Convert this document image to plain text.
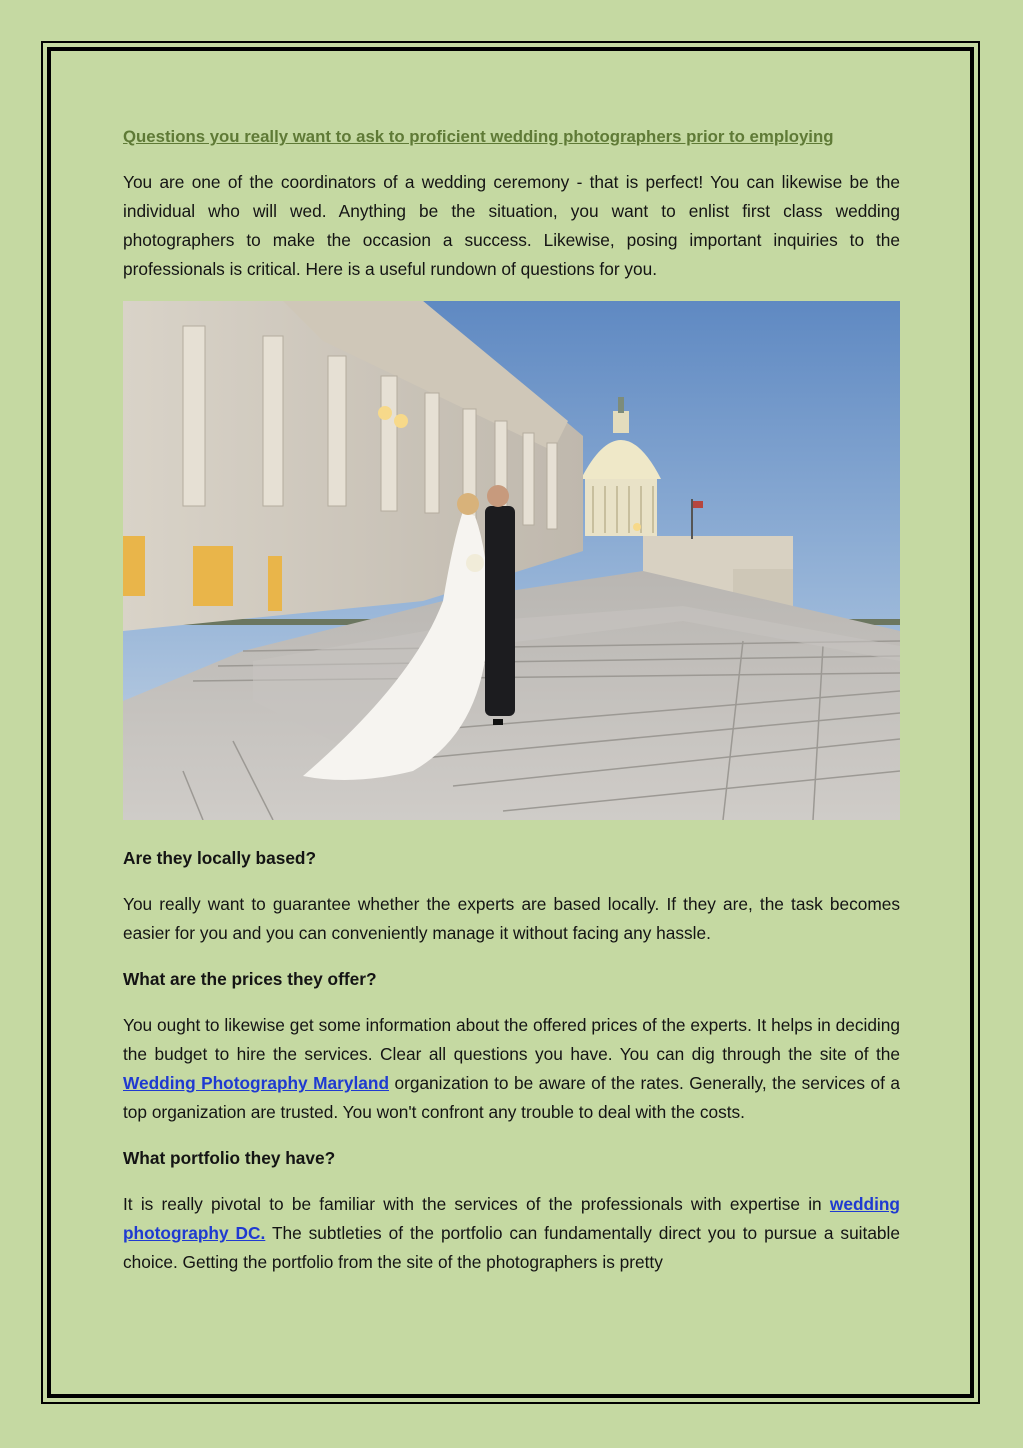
Questions you really want to ask to proficient wedding photographers prior to employing

You are one of the coordinators of a wedding ceremony - that is perfect! You can likewise be the individual who will wed. Anything be the situation, you want to enlist first class wedding photographers to make the occasion a success. Likewise, posing important inquiries to the professionals is critical. Here is a useful rundown of questions for you.

Are they locally based?

You really want to guarantee whether the experts are based locally. If they are, the task becomes easier for you and you can conveniently manage it without facing any hassle.

What are the prices they offer?

You ought to likewise get some information about the offered prices of the experts. It helps in deciding the budget to hire the services. Clear all questions you have. You can dig through the site of the Wedding Photography Maryland organization to be aware of the rates. Generally, the services of a top organization are trusted. You won't confront any trouble to deal with the costs.

What portfolio they have?

It is really pivotal to be familiar with the services of the professionals with expertise in wedding photography DC. The subtleties of the portfolio can fundamentally direct you to pursue a suitable choice. Getting the portfolio from the site of the photographers is pretty
